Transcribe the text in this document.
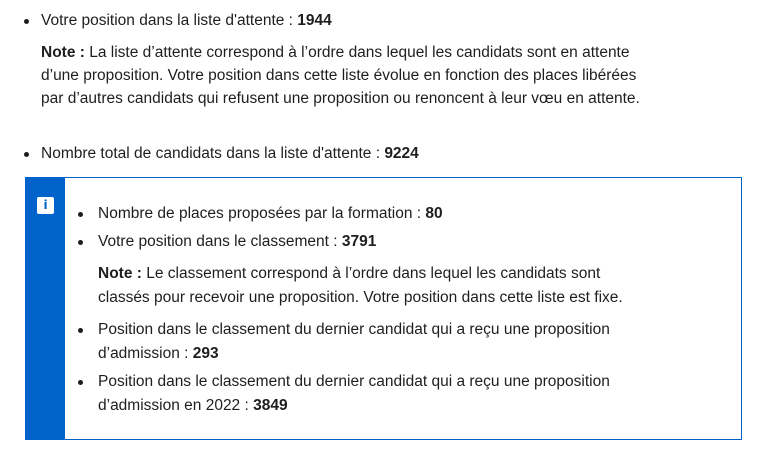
Votre position dans la liste d'attente : 1944
Note : La liste d’attente correspond à l’ordre dans lequel les candidats sont en attente
d’une proposition. Votre position dans cette liste évolue en fonction des places libérées
par d’autres candidats qui refusent une proposition ou renoncent à leur vœu en attente.
Nombre total de candidats dans la liste d'attente : 9224
i	Nombre de places proposées par la formation : 80
Votre position dans le classement : 3791
Note : Le classement correspond à l’ordre dans lequel les candidats sont
classés pour recevoir une proposition. Votre position dans cette liste est fixe.
Position dans le classement du dernier candidat qui a reçu une proposition
d’admission : 293
Position dans le classement du dernier candidat qui a reçu une proposition
d’admission en 2022 : 3849
